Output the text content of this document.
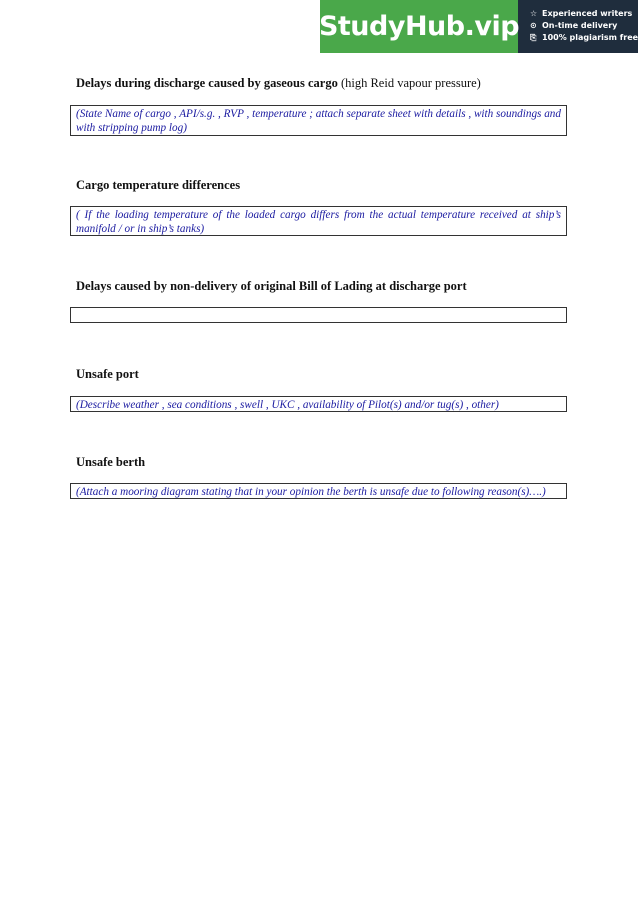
StudyHub.vip ☆ Experienced writers
⊙ On-time delivery
⎘ 100% plagiarism free
Delays during discharge caused by gaseous cargo (high Reid vapour pressure)
(State Name of cargo , API/s.g. , RVP , temperature ; attach separate sheet with details , with soundings and with stripping pump log)
Cargo temperature differences
( If the loading temperature of the loaded cargo differs from the actual temperature received at ship’s manifold / or in ship’s tanks)
Delays caused by non-delivery of original Bill of Lading at discharge port
Unsafe port
(Describe weather , sea conditions , swell , UKC , availability of Pilot(s) and/or tug(s) , other)
Unsafe berth
(Attach a mooring diagram stating that in your opinion the berth is unsafe due to following reason(s)….)
